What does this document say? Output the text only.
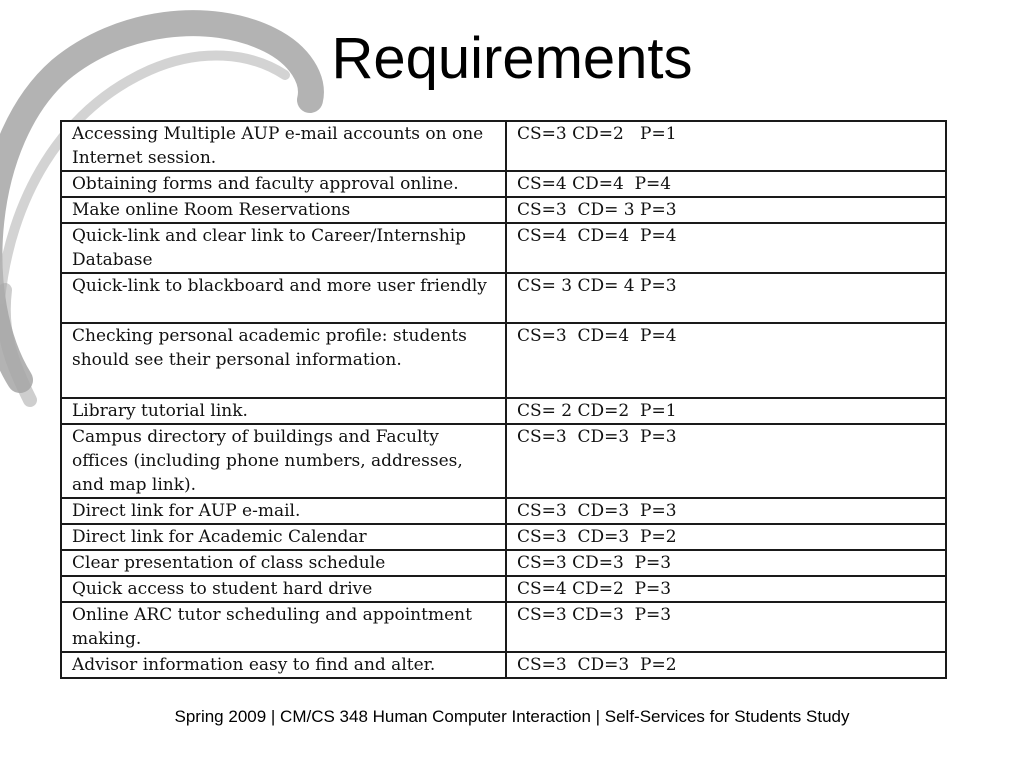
Requirements
Accessing Multiple AUP e-mail accounts on one Internet session.	CS=3 CD=2   P=1
Obtaining forms and faculty approval online.	CS=4 CD=4  P=4
Make online Room Reservations	CS=3  CD= 3 P=3
Quick-link and clear link to Career/Internship Database	CS=4  CD=4  P=4
Quick-link to blackboard and more user friendly	CS= 3 CD= 4 P=3
Checking personal academic profile: students should see their personal information.	CS=3  CD=4  P=4
Library tutorial link.	CS= 2 CD=2  P=1
Campus directory of buildings and Faculty offices (including phone numbers, addresses, and map link).	CS=3  CD=3  P=3
Direct link for AUP e-mail.	CS=3  CD=3  P=3
Direct link for Academic Calendar	CS=3  CD=3  P=2
Clear presentation of class schedule	CS=3 CD=3  P=3
Quick access to student hard drive	CS=4 CD=2  P=3
Online ARC tutor scheduling and appointment making.	CS=3 CD=3  P=3
Advisor information easy to find and alter.	CS=3  CD=3  P=2
Spring 2009 | CM/CS 348 Human Computer Interaction | Self-Services for Students Study
